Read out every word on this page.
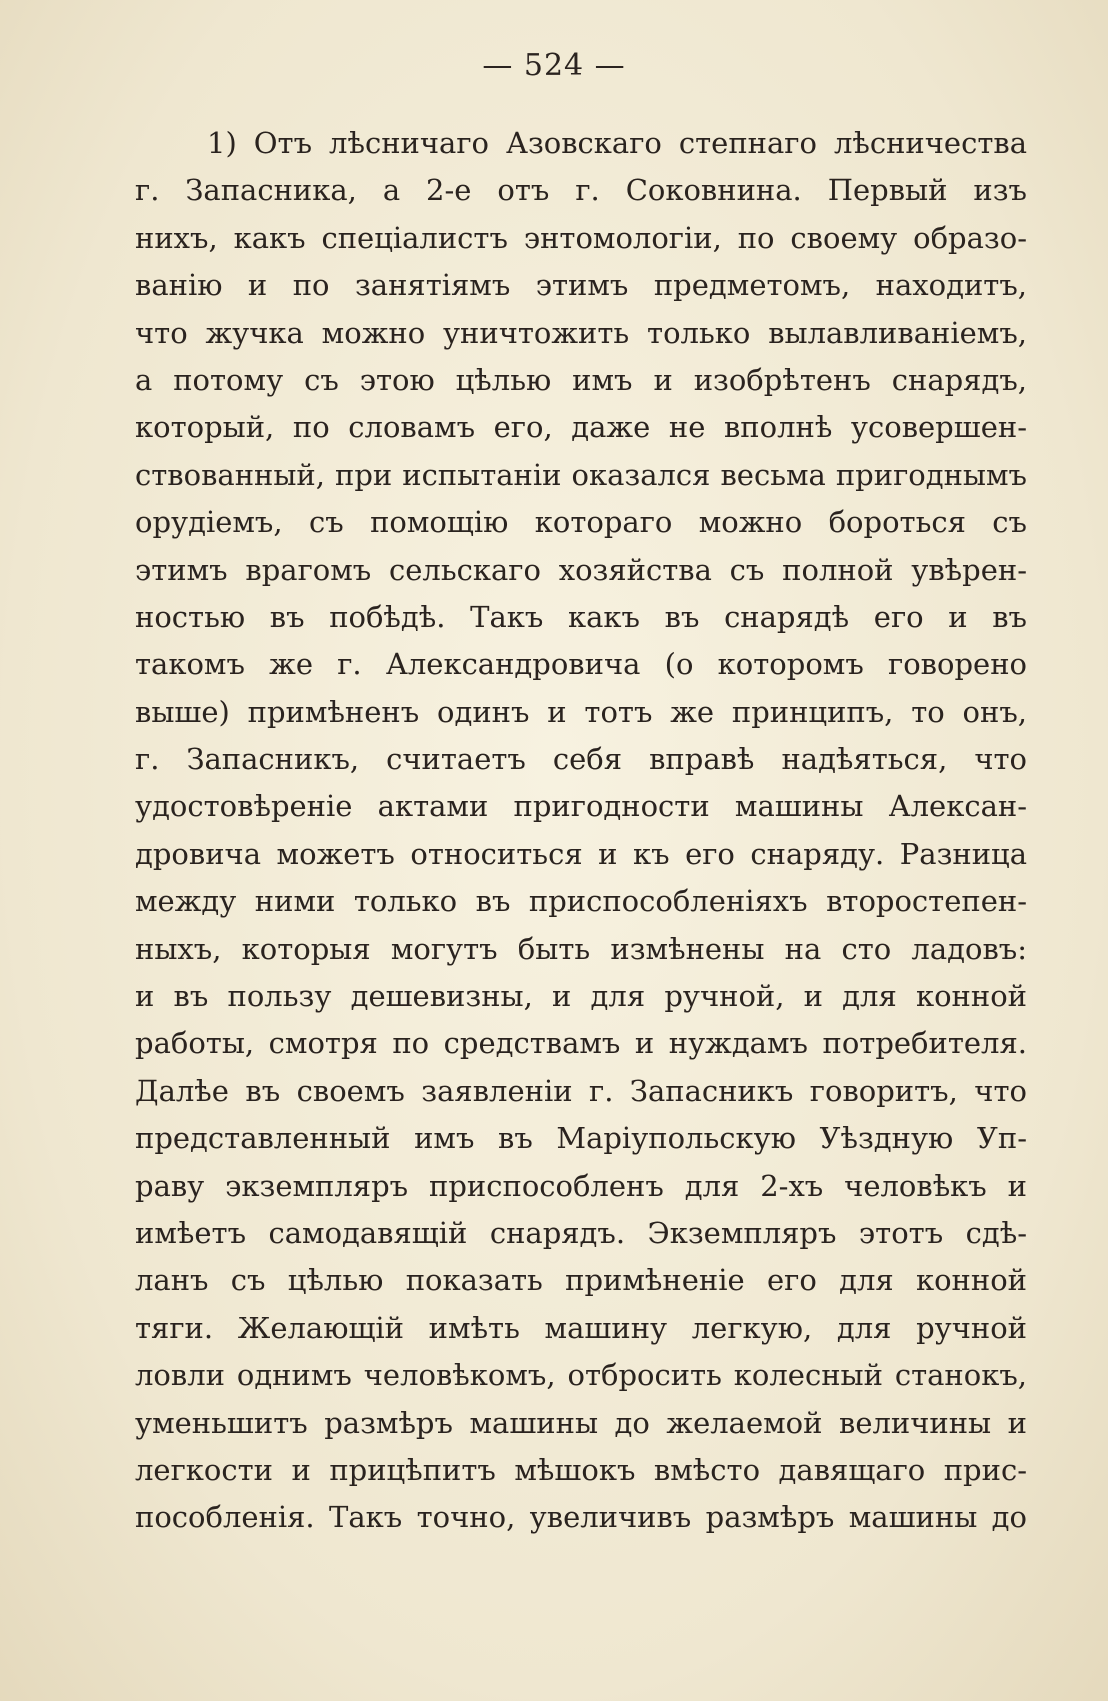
— 524 —
1) Отъ лѣсничаго Азовскаго степнаго лѣсничества
г. Запасника, а 2-е отъ г. Соковнина. Первый изъ
нихъ, какъ спеціалистъ энтомологіи, по своему образо-
ванію и по занятіямъ этимъ предметомъ, находитъ,
что жучка можно уничтожить только вылавливаніемъ,
а потому съ этою цѣлью имъ и изобрѣтенъ снарядъ,
который, по словамъ его, даже не вполнѣ усовершен-
ствованный, при испытаніи оказался весьма пригоднымъ
орудіемъ, съ помощію котораго можно бороться съ
этимъ врагомъ сельскаго хозяйства съ полной увѣрен-
ностью въ побѣдѣ. Такъ какъ въ снарядѣ его и въ
такомъ же г. Александровича (о которомъ говорено
выше) примѣненъ одинъ и тотъ же принципъ, то онъ,
г. Запасникъ, считаетъ себя вправѣ надѣяться, что
удостовѣреніе актами пригодности машины Алексан-
дровича можетъ относиться и къ его снаряду. Разница
между ними только въ приспособленіяхъ второстепен-
ныхъ, которыя могутъ быть измѣнены на сто ладовъ:
и въ пользу дешевизны, и для ручной, и для конной
работы, смотря по средствамъ и нуждамъ потребителя.
Далѣе въ своемъ заявленіи г. Запасникъ говоритъ, что
представленный имъ въ Маріупольскую Уѣздную Уп-
раву экземпляръ приспособленъ для 2-хъ человѣкъ и
имѣетъ самодавящій снарядъ. Экземпляръ этотъ сдѣ-
ланъ съ цѣлью показать примѣненіе его для конной
тяги. Желающій имѣть машину легкую, для ручной
ловли однимъ человѣкомъ, отбросить колесный станокъ,
уменьшитъ размѣръ машины до желаемой величины и
легкости и прицѣпитъ мѣшокъ вмѣсто давящаго прис-
пособленія. Такъ точно, увеличивъ размѣръ машины до
